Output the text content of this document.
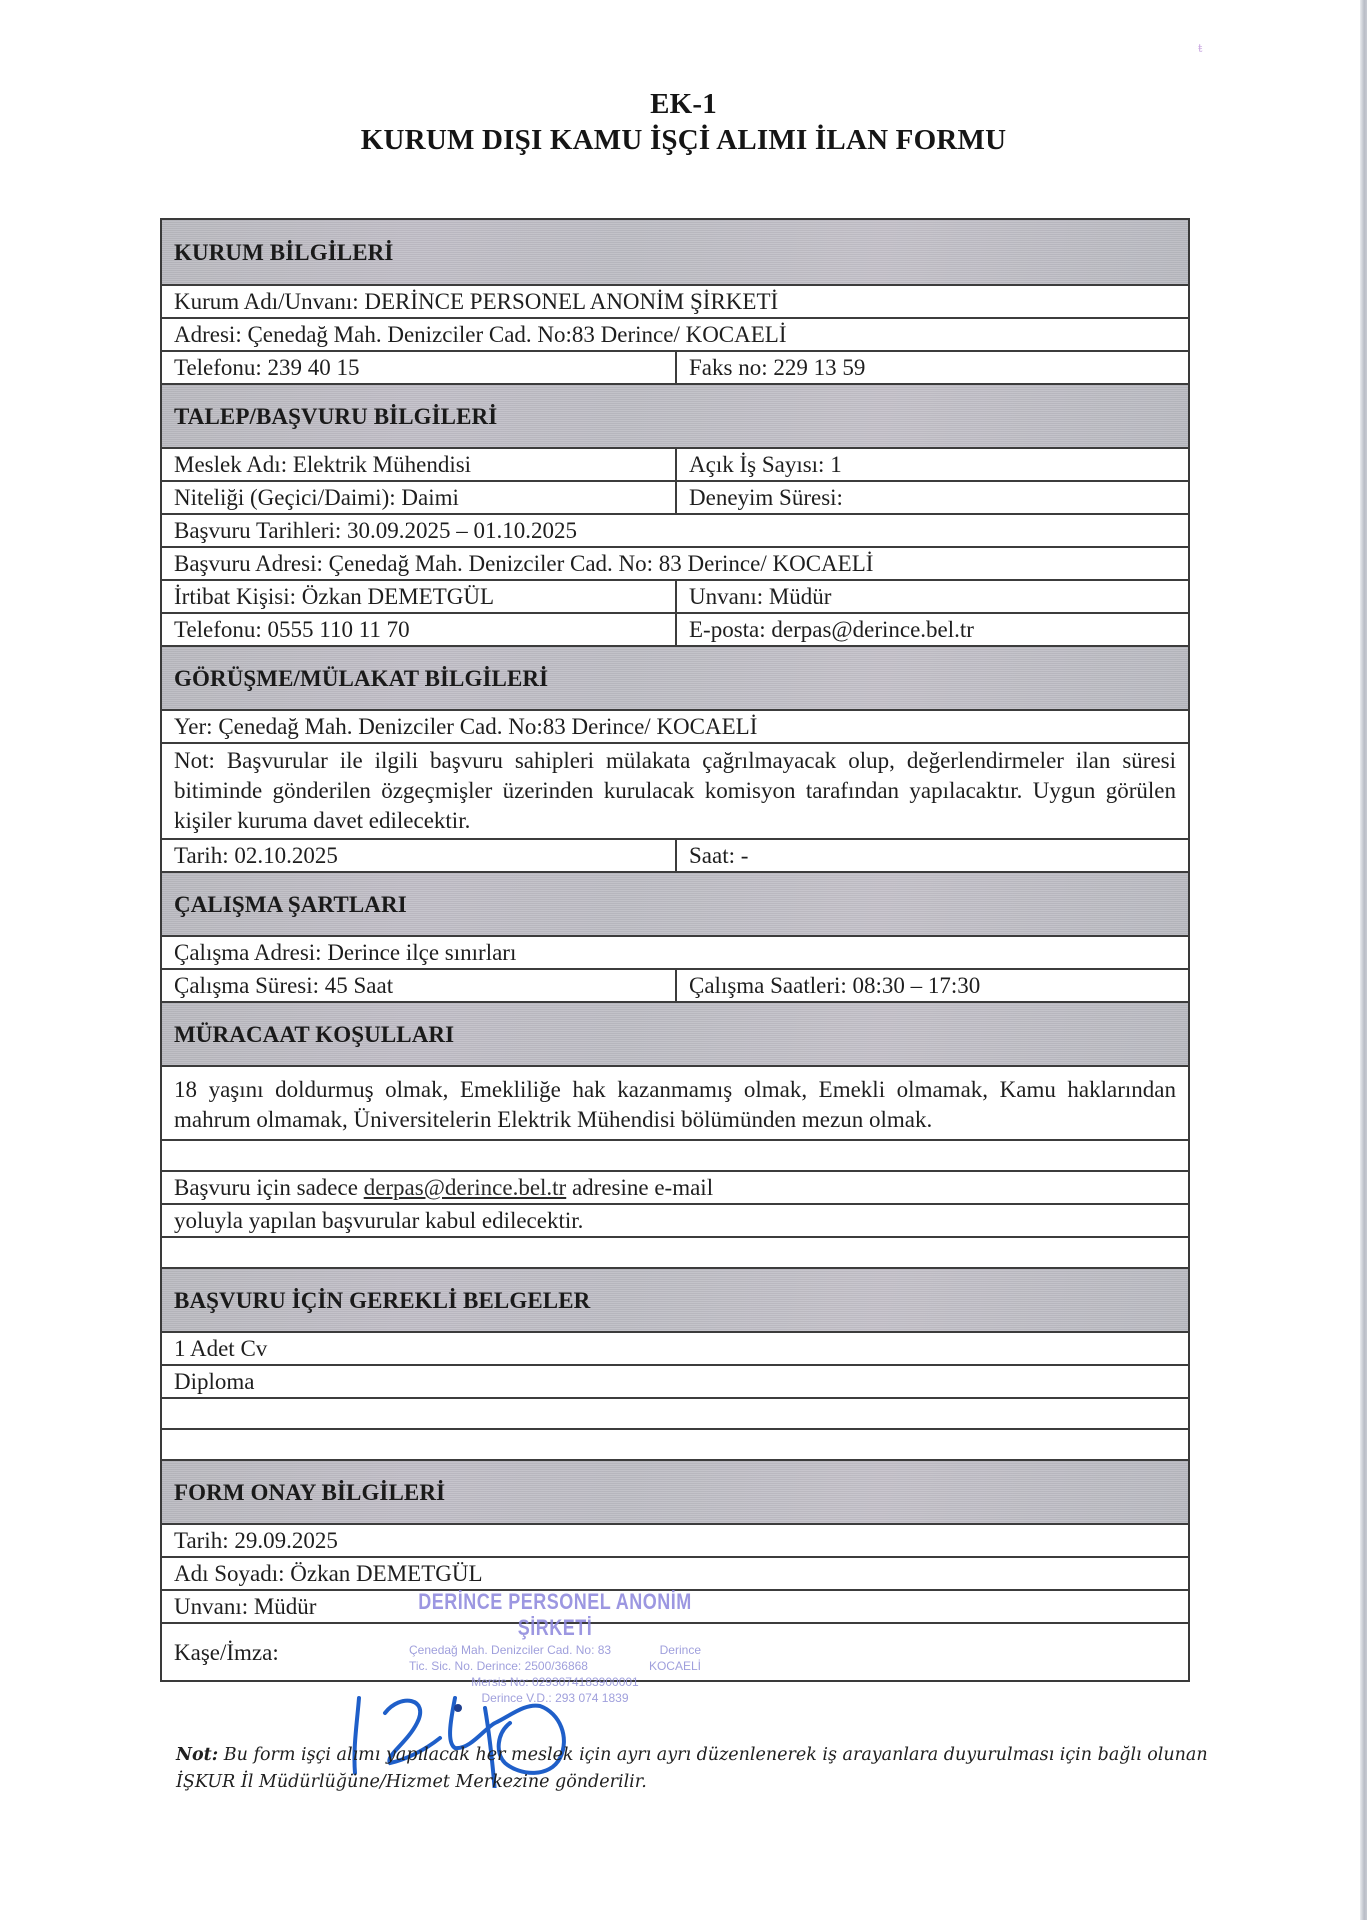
ŧ
EK-1
KURUM DIŞI KAMU İŞÇİ ALIMI İLAN FORMU
KURUM BİLGİLERİ
Kurum Adı/Unvanı: DERİNCE PERSONEL ANONİM ŞİRKETİ
Adresi: Çenedağ Mah. Denizciler Cad. No:83 Derince/ KOCAELİ
Telefonu: 239 40 15	Faks no: 229 13 59
TALEP/BAŞVURU BİLGİLERİ
Meslek Adı: Elektrik Mühendisi	Açık İş Sayısı: 1
Niteliği (Geçici/Daimi): Daimi	Deneyim Süresi:
Başvuru Tarihleri: 30.09.2025 – 01.10.2025
Başvuru Adresi: Çenedağ Mah. Denizciler Cad. No: 83 Derince/ KOCAELİ
İrtibat Kişisi: Özkan DEMETGÜL	Unvanı: Müdür
Telefonu: 0555 110 11 70	E-posta: derpas@derince.bel.tr
GÖRÜŞME/MÜLAKAT BİLGİLERİ
Yer: Çenedağ Mah. Denizciler Cad. No:83 Derince/ KOCAELİ
Not: Başvurular ile ilgili başvuru sahipleri mülakata çağrılmayacak olup, değerlendirmeler ilan süresi bitiminde gönderilen özgeçmişler üzerinden kurulacak komisyon tarafından yapılacaktır. Uygun görülen kişiler kuruma davet edilecektir.
Tarih: 02.10.2025	Saat: -
ÇALIŞMA ŞARTLARI
Çalışma Adresi: Derince ilçe sınırları
Çalışma Süresi: 45 Saat	Çalışma Saatleri: 08:30 – 17:30
MÜRACAAT KOŞULLARI
18 yaşını doldurmuş olmak, Emekliliğe hak kazanmamış olmak, Emekli olmamak, Kamu haklarından mahrum olmamak, Üniversitelerin Elektrik Mühendisi bölümünden mezun olmak.
Başvuru için sadece derpas@derince.bel.tr adresine e-mail
yoluyla yapılan başvurular kabul edilecektir.
BAŞVURU İÇİN GEREKLİ BELGELER
1 Adet Cv
Diploma
FORM ONAY BİLGİLERİ
Tarih: 29.09.2025
Adı Soyadı: Özkan DEMETGÜL
Unvanı: Müdür
Kaşe/İmza:
DERİNCE PERSONEL ANONİM ŞİRKETİ
Çenedağ Mah. Denizciler Cad. No: 83	Derince
Tic. Sic. No. Derince: 2500/36868	KOCAELİ
Mersis No: 0293074183900001
Derince V.D.: 293 074 1839
Not: Bu form işçi alımı yapılacak her meslek için ayrı ayrı düzenlenerek iş arayanlara duyurulması için bağlı olunan İŞKUR İl Müdürlüğüne/Hizmet Merkezine gönderilir.
